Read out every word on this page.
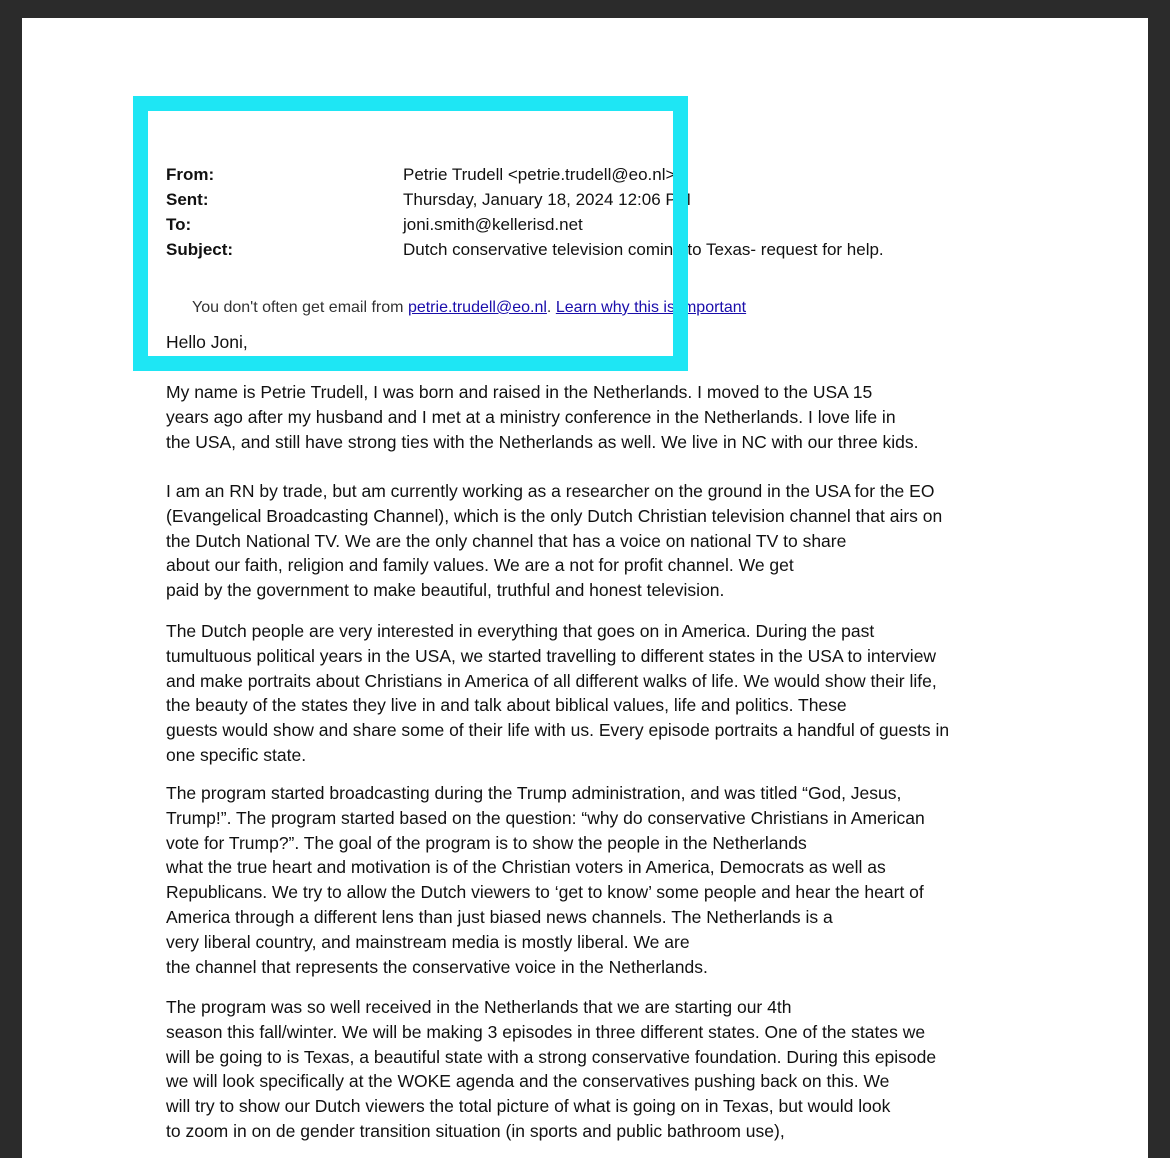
From:	Petrie Trudell <petrie.trudell@eo.nl>
Sent:	Thursday, January 18, 2024 12:06 PM
To:	joni.smith@kellerisd.net
Subject:	Dutch conservative television coming to Texas- request for help.
You don't often get email from petrie.trudell@eo.nl. Learn why this is important

Hello Joni,

My name is Petrie Trudell, I was born and raised in the Netherlands. I moved to the USA 15
years ago after my husband and I met at a ministry conference in the Netherlands. I love life in
the USA, and still have strong ties with the Netherlands as well. We live in NC with our three kids.

I am an RN by trade, but am currently working as a researcher on the ground in the USA for the EO
(Evangelical Broadcasting Channel), which is the only Dutch Christian television channel that airs on
the Dutch National TV. We are the only channel that has a voice on national TV to share
about our faith, religion and family values. We are a not for profit channel. We get
paid by the government to make beautiful, truthful and honest television.

The Dutch people are very interested in everything that goes on in America. During the past
tumultuous political years in the USA, we started travelling to different states in the USA to interview
and make portraits about Christians in America of all different walks of life. We would show their life,
the beauty of the states they live in and talk about biblical values, life and politics. These
guests would show and share some of their life with us. Every episode portraits a handful of guests in
one specific state.

The program started broadcasting during the Trump administration, and was titled “God, Jesus,
Trump!”. The program started based on the question: “why do conservative Christians in American
vote for Trump?”. The goal of the program is to show the people in the Netherlands
what the true heart and motivation is of the Christian voters in America, Democrats as well as
Republicans. We try to allow the Dutch viewers to ‘get to know’ some people and hear the heart of
America through a different lens than just biased news channels. The Netherlands is a
very liberal country, and mainstream media is mostly liberal. We are
the channel that represents the conservative voice in the Netherlands.

The program was so well received in the Netherlands that we are starting our 4th
season this fall/winter. We will be making 3 episodes in three different states. One of the states we
will be going to is Texas, a beautiful state with a strong conservative foundation. During this episode
we will look specifically at the WOKE agenda and the conservatives pushing back on this. We
will try to show our Dutch viewers the total picture of what is going on in Texas, but would look
to zoom in on de gender transition situation (in sports and public bathroom use),
